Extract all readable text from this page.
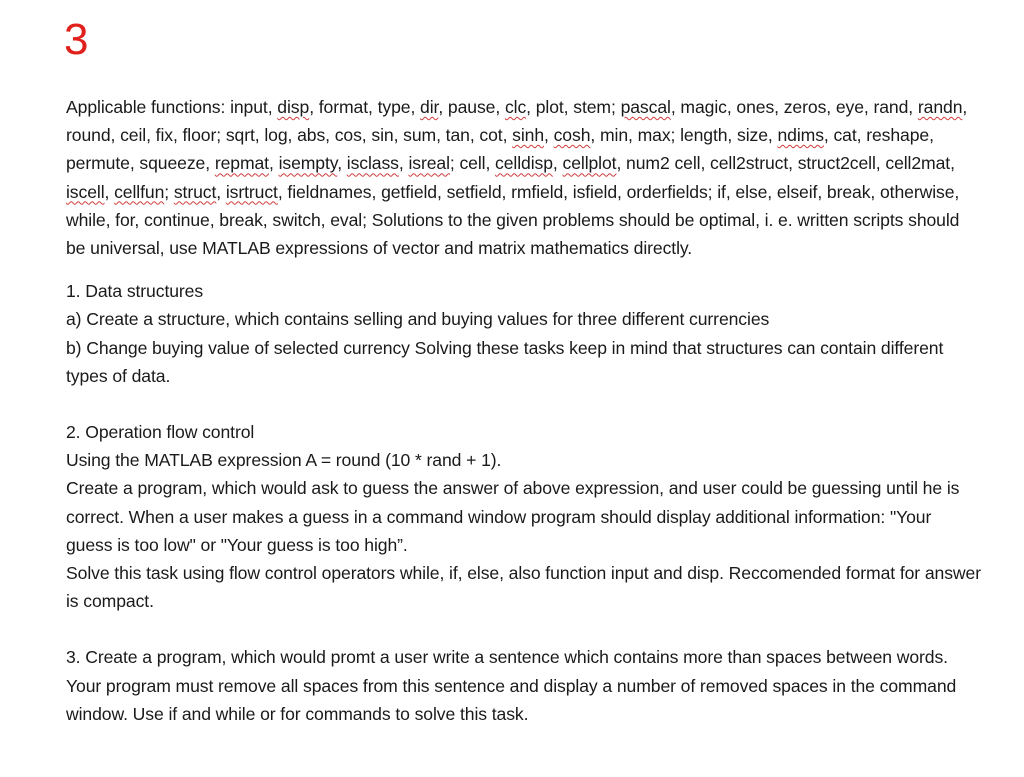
3

Applicable functions: input, disp, format, type, dir, pause, clc, plot, stem; pascal, magic, ones, zeros, eye, rand, randn, round, ceil, fix, floor; sqrt, log, abs, cos, sin, sum, tan, cot, sinh, cosh, min, max; length, size, ndims, cat, reshape, permute, squeeze, repmat, isempty, isclass, isreal; cell, celldisp, cellplot, num2 cell, cell2struct, struct2cell, cell2mat, iscell, cellfun; struct, isrtruct, fieldnames, getfield, setfield, rmfield, isfield, orderfields; if, else, elseif, break, otherwise, while, for, continue, break, switch, eval; Solutions to the given problems should be optimal, i. e. written scripts should be universal, use MATLAB expressions of vector and matrix mathematics directly.

1. Data structures

a) Create a structure, which contains selling and buying values for three different currencies

b) Change buying value of selected currency Solving these tasks keep in mind that structures can contain different types of data.

2. Operation flow control

Using the MATLAB expression A = round (10 * rand + 1).

Create a program, which would ask to guess the answer of above expression, and user could be guessing until he is correct. When a user makes a guess in a command window program should display additional information: "Your guess is too low" or "Your guess is too high”.

Solve this task using flow control operators while, if, else, also function input and disp. Reccomended format for answer is compact.

3. Create a program, which would promt a user write a sentence which contains more than spaces between words. Your program must remove all spaces from this sentence and display a number of removed spaces in the command window. Use if and while or for commands to solve this task.
